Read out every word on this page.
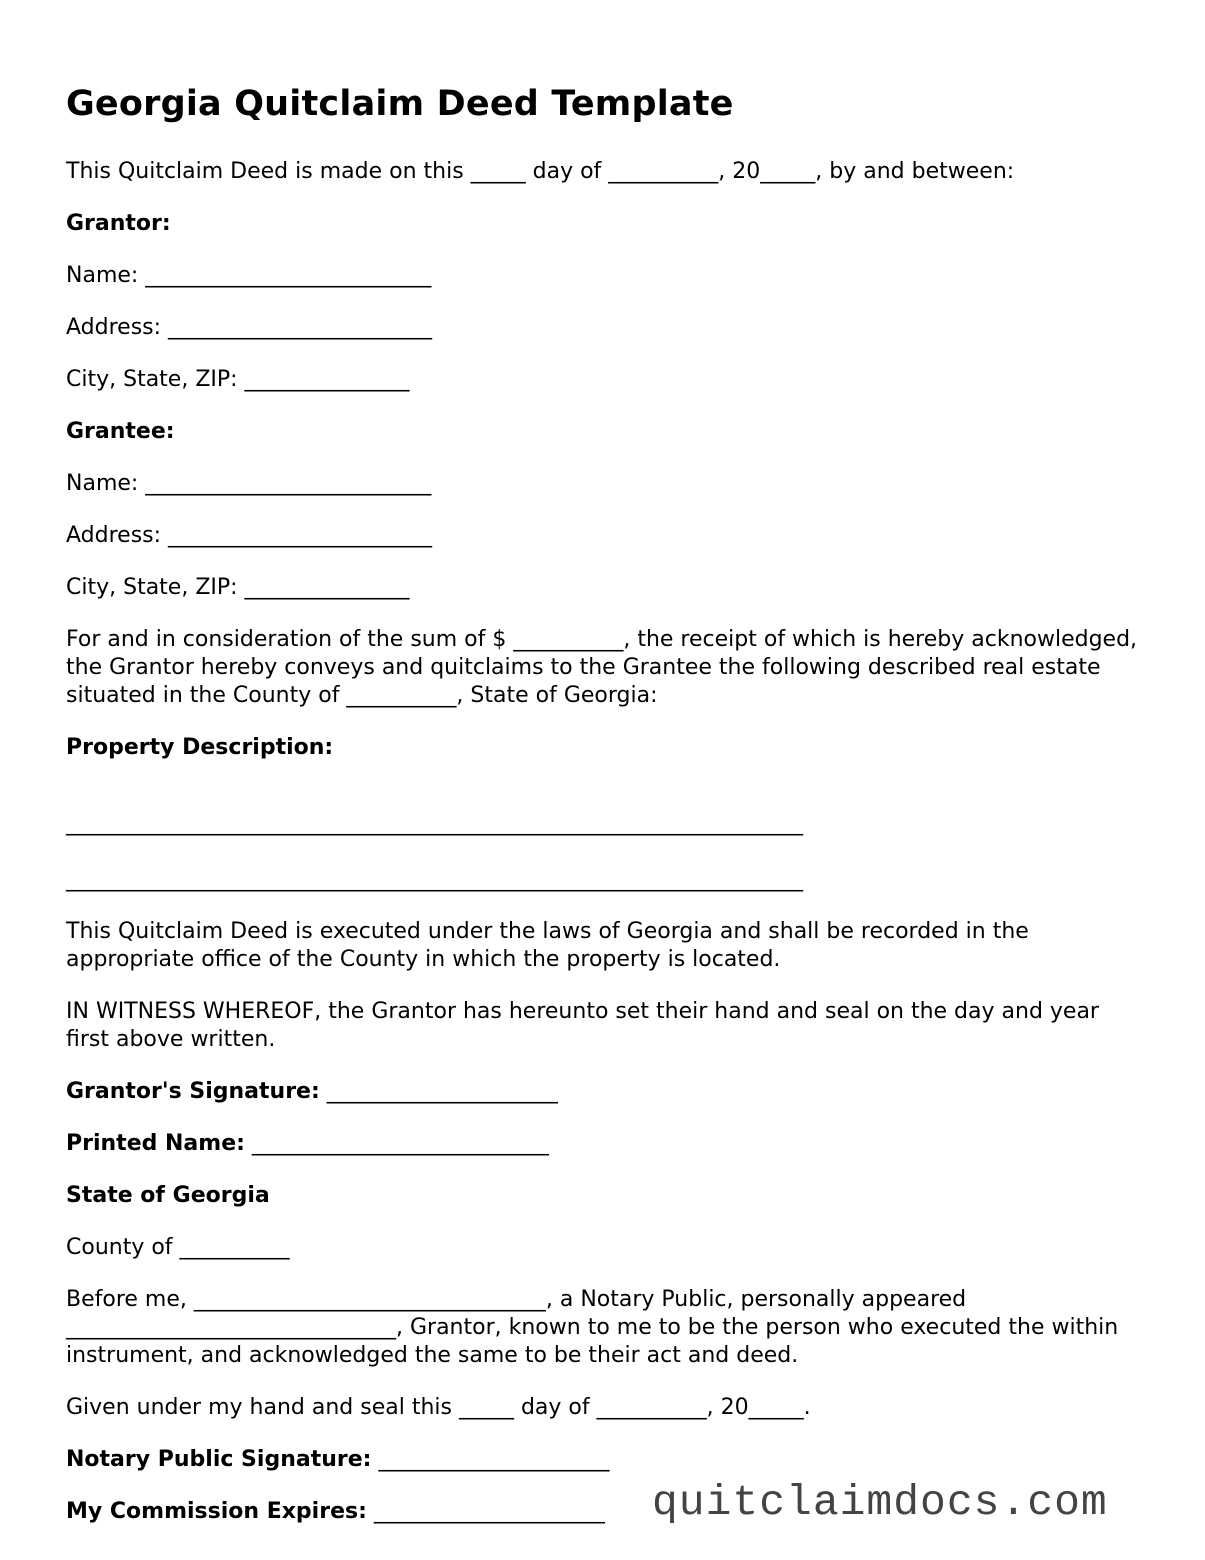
Georgia Quitclaim Deed Template

This Quitclaim Deed is made on this _____ day of __________, 20_____, by and between:

Grantor:

Name: __________________________

Address: ________________________

City, State, ZIP: _______________

Grantee:

Name: __________________________

Address: ________________________

City, State, ZIP: _______________

For and in consideration of the sum of $ __________, the receipt of which is hereby acknowledged, the Grantor hereby conveys and quitclaims to the Grantee the following described real estate situated in the County of __________, State of Georgia:

Property Description:

___________________________________________________________________
___________________________________________________________________

This Quitclaim Deed is executed under the laws of Georgia and shall be recorded in the appropriate office of the County in which the property is located.

IN WITNESS WHEREOF, the Grantor has hereunto set their hand and seal on the day and year first above written.

Grantor's Signature: _____________________

Printed Name: ___________________________

State of Georgia

County of __________

Before me, ________________________________, a Notary Public, personally appeared ______________________________, Grantor, known to me to be the person who executed the within instrument, and acknowledged the same to be their act and deed.

Given under my hand and seal this _____ day of __________, 20_____.

Notary Public Signature: _____________________

My Commission Expires: _____________________	quitclaimdocs.com
